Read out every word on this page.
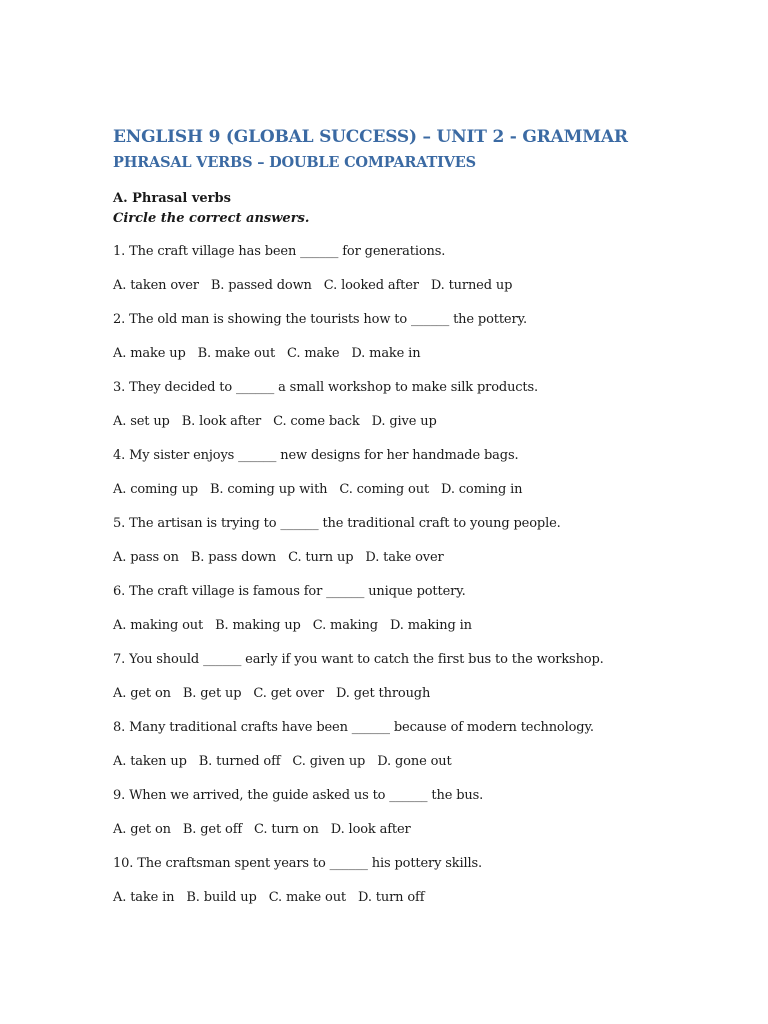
ENGLISH 9 (GLOBAL SUCCESS) – UNIT 2 - GRAMMAR
PHRASAL VERBS – DOUBLE COMPARATIVES
A. Phrasal verbs
Circle the correct answers.
1. The craft village has been ______ for generations.
A. taken over B. passed down C. looked after D. turned up
2. The old man is showing the tourists how to ______ the pottery.
A. make up B. make out C. make D. make in
3. They decided to ______ a small workshop to make silk products.
A. set up B. look after C. come back D. give up
4. My sister enjoys ______ new designs for her handmade bags.
A. coming up B. coming up with C. coming out D. coming in
5. The artisan is trying to ______ the traditional craft to young people.
A. pass on B. pass down C. turn up D. take over
6. The craft village is famous for ______ unique pottery.
A. making out B. making up C. making D. making in
7. You should ______ early if you want to catch the first bus to the workshop.
A. get on B. get up C. get over D. get through
8. Many traditional crafts have been ______ because of modern technology.
A. taken up B. turned off C. given up D. gone out
9. When we arrived, the guide asked us to ______ the bus.
A. get on B. get off C. turn on D. look after
10. The craftsman spent years to ______ his pottery skills.
A. take in B. build up C. make out D. turn off
